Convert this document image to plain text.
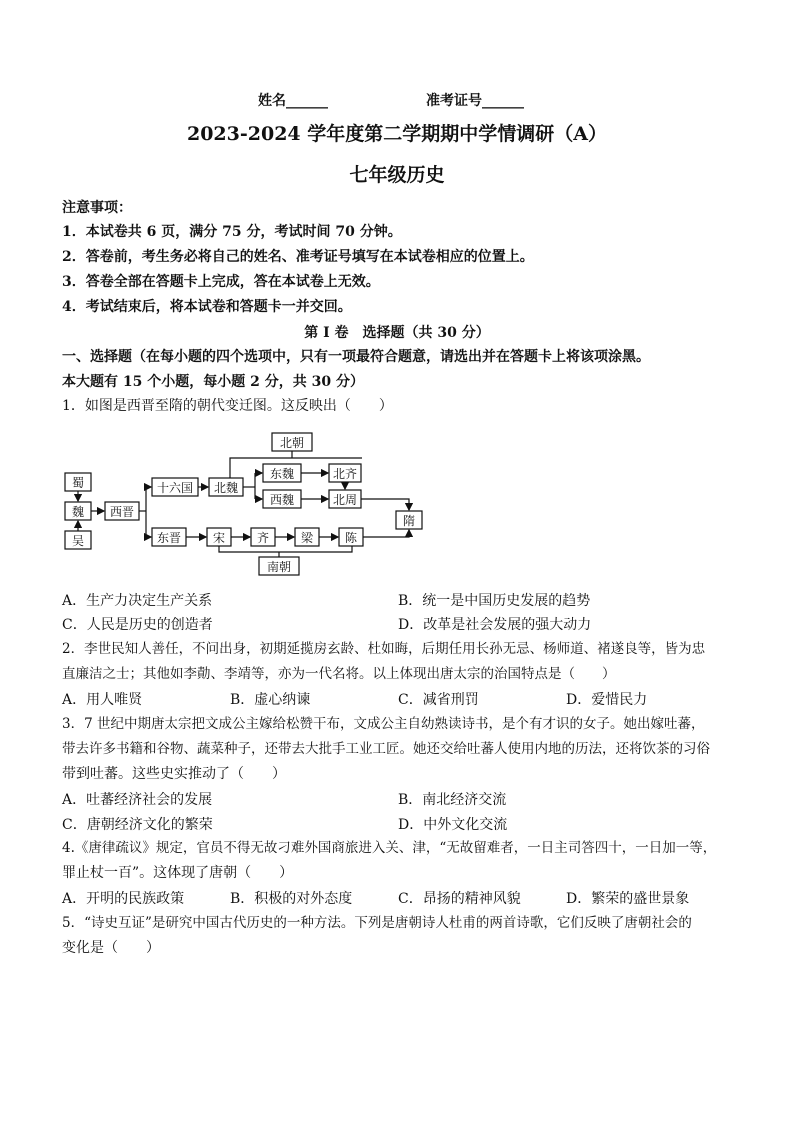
姓名______	准考证号______
2023-2024 学年度第二学期期中学情调研（A）
七年级历史
注意事项：
1．本试卷共 6 页，满分 75 分，考试时间 70 分钟。
2．答卷前，考生务必将自己的姓名、准考证号填写在本试卷相应的位置上。
3．答卷全部在答题卡上完成，答在本试卷上无效。
4．考试结束后，将本试卷和答题卡一并交回。
第 I 卷　选择题（共 30 分）
一、选择题（在每小题的四个选项中，只有一项最符合题意，请选出并在答题卡上将该项涂黑。
本大题有 15 个小题，每小题 2 分，共 30 分）
1．如图是西晋至隋的朝代变迁图。这反映出（　　）
蜀
魏
吴
西晋
十六国 北魏
东魏
西魏
北齐
北周
北朝
隋
东晋	宋	齐	梁	陈
南朝
A．生产力决定生产关系	B．统一是中国历史发展的趋势
C．人民是历史的创造者	D．改革是社会发展的强大动力
2．李世民知人善任，不问出身，初期延揽房玄龄、杜如晦，后期任用长孙无忌、杨师道、褚遂良等，皆为忠
直廉洁之士；其他如李勣、李靖等，亦为一代名将。以上体现出唐太宗的治国特点是（　　）
A．用人唯贤	B．虚心纳谏	C．减省刑罚	D．爱惜民力
3．7 世纪中期唐太宗把文成公主嫁给松赞干布，文成公主自幼熟读诗书，是个有才识的女子。她出嫁吐蕃，
带去许多书籍和谷物、蔬菜种子，还带去大批手工业工匠。她还交给吐蕃人使用内地的历法，还将饮茶的习俗
带到吐蕃。这些史实推动了（　　）
A．吐蕃经济社会的发展	B．南北经济交流
C．唐朝经济文化的繁荣	D．中外文化交流
4.《唐律疏议》规定，官员不得无故刁难外国商旅进入关、津，“无故留难者，一日主司答四十，一日加一等，
罪止杖一百”。这体现了唐朝（　　）
A．开明的民族政策	B．积极的对外态度	C．昂扬的精神风貌	D．繁荣的盛世景象
5．“诗史互证”是研究中国古代历史的一种方法。下列是唐朝诗人杜甫的两首诗歌，它们反映了唐朝社会的
变化是（　　）
